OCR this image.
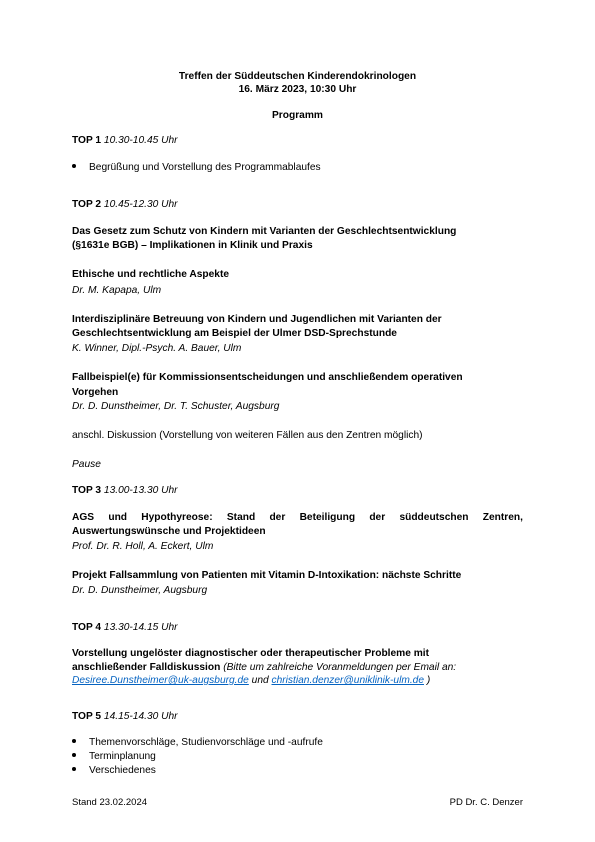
Treffen der Süddeutschen Kinderendokrinologen
16. März 2023, 10:30 Uhr
Programm
TOP 1 10.30-10.45 Uhr
Begrüßung und Vorstellung des Programmablaufes
TOP 2 10.45-12.30 Uhr
Das Gesetz zum Schutz von Kindern mit Varianten der Geschlechtsentwicklung
(§1631e BGB) – Implikationen in Klinik und Praxis
Ethische und rechtliche Aspekte
Dr. M. Kapapa, Ulm
Interdisziplinäre Betreuung von Kindern und Jugendlichen mit Varianten der
Geschlechtsentwicklung am Beispiel der Ulmer DSD-Sprechstunde
K. Winner, Dipl.-Psych. A. Bauer, Ulm
Fallbeispiel(e) für Kommissionsentscheidungen und anschließendem operativen
Vorgehen
Dr. D. Dunstheimer, Dr. T. Schuster, Augsburg
anschl. Diskussion (Vorstellung von weiteren Fällen aus den Zentren möglich)
Pause
TOP 3 13.00-13.30 Uhr
AGS und Hypothyreose: Stand der Beteiligung der süddeutschen Zentren,
Auswertungswünsche und Projektideen
Prof. Dr. R. Holl, A. Eckert, Ulm
Projekt Fallsammlung von Patienten mit Vitamin D-Intoxikation: nächste Schritte
Dr. D. Dunstheimer, Augsburg
TOP 4 13.30-14.15 Uhr
Vorstellung ungelöster diagnostischer oder therapeutischer Probleme mit
anschließender Falldiskussion (Bitte um zahlreiche Voranmeldungen per Email an:
Desiree.Dunstheimer@uk-augsburg.de und christian.denzer@uniklinik-ulm.de )
TOP 5 14.15-14.30 Uhr
Themenvorschläge, Studienvorschläge und -aufrufe
Terminplanung
Verschiedenes
Stand 23.02.2024	PD Dr. C. Denzer
